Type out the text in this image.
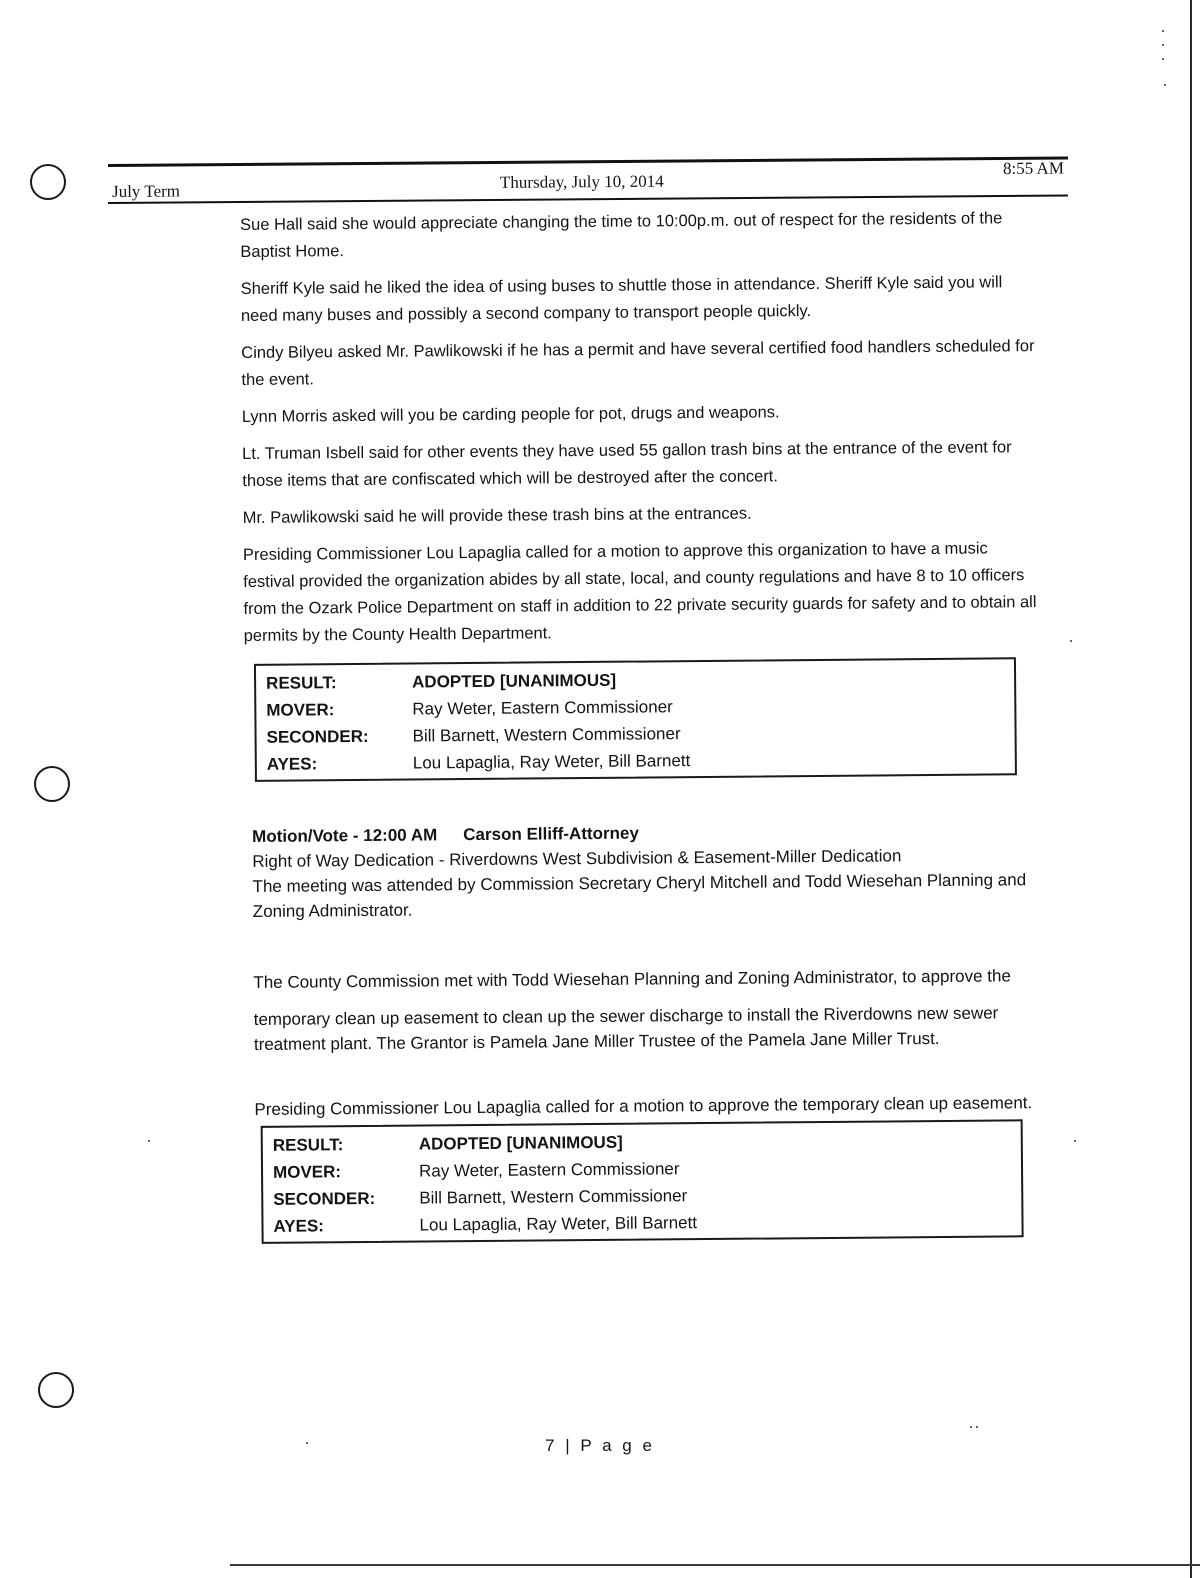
July Term	Thursday, July 10, 2014
8:55 AM

Sue Hall said she would appreciate changing the time to 10:00p.m. out of respect for the residents of the Baptist Home.

Sheriff Kyle said he liked the idea of using buses to shuttle those in attendance. Sheriff Kyle said you will need many buses and possibly a second company to transport people quickly.

Cindy Bilyeu asked Mr. Pawlikowski if he has a permit and have several certified food handlers scheduled for the event.

Lynn Morris asked will you be carding people for pot, drugs and weapons.

Lt. Truman Isbell said for other events they have used 55 gallon trash bins at the entrance of the event for those items that are confiscated which will be destroyed after the concert.

Mr. Pawlikowski said he will provide these trash bins at the entrances.

Presiding Commissioner Lou Lapaglia called for a motion to approve this organization to have a music festival provided the organization abides by all state, local, and county regulations and have 8 to 10 officers from the Ozark Police Department on staff in addition to 22 private security guards for safety and to obtain all permits by the County Health Department.

RESULT:	ADOPTED [UNANIMOUS]
MOVER:	Ray Weter, Eastern Commissioner
SECONDER:	Bill Barnett, Western Commissioner
AYES:	Lou Lapaglia, Ray Weter, Bill Barnett

Motion/Vote - 12:00 AM Carson Elliff-Attorney

Right of Way Dedication - Riverdowns West Subdivision & Easement-Miller Dedication

The meeting was attended by Commission Secretary Cheryl Mitchell and Todd Wiesehan Planning and Zoning Administrator.

The County Commission met with Todd Wiesehan Planning and Zoning Administrator, to approve the

temporary clean up easement to clean up the sewer discharge to install the Riverdowns new sewer treatment plant. The Grantor is Pamela Jane Miller Trustee of the Pamela Jane Miller Trust.

Presiding Commissioner Lou Lapaglia called for a motion to approve the temporary clean up easement.

RESULT:	ADOPTED [UNANIMOUS]
MOVER:	Ray Weter, Eastern Commissioner
SECONDER:	Bill Barnett, Western Commissioner
AYES:	Lou Lapaglia, Ray Weter, Bill Barnett
7 | P a g e
